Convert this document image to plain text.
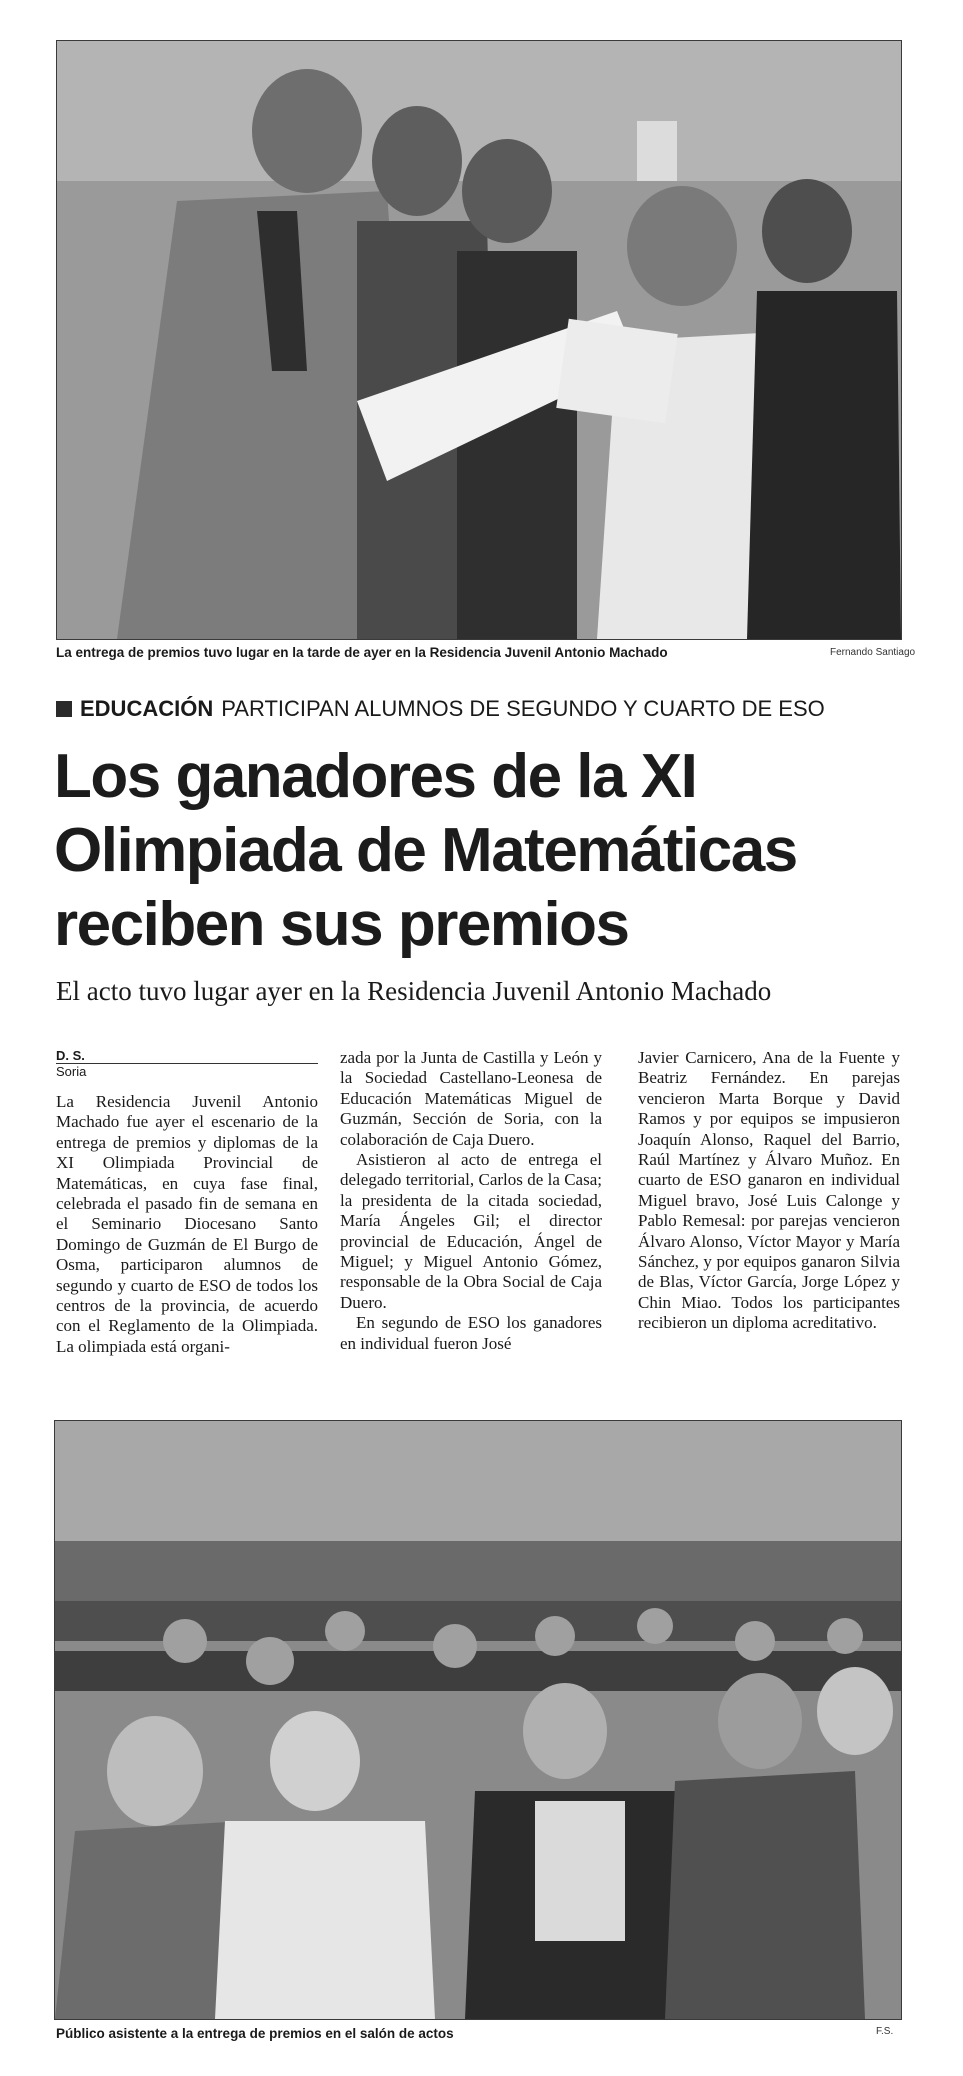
La entrega de premios tuvo lugar en la tarde de ayer en la Residencia Juvenil Antonio Machado	Fernando Santiago
EDUCACIÓN PARTICIPAN ALUMNOS DE SEGUNDO Y CUARTO DE ESO
Los ganadores de la XI
Olimpiada de Matemáticas
reciben sus premios
El acto tuvo lugar ayer en la Residencia Juvenil Antonio Machado
D. S.
Soria

La Residencia Juvenil Antonio Machado fue ayer el escenario de la entrega de premios y diplomas de la XI Olimpiada Provincial de Matemáticas, en cuya fase final, celebrada el pasado fin de semana en el Seminario Diocesano Santo Domingo de Guzmán de El Burgo de Osma, participaron alumnos de segundo y cuarto de ESO de todos los centros de la provincia, de acuerdo con el Reglamento de la Olimpiada. La olimpiada está organi-

zada por la Junta de Castilla y León y la Sociedad Castellano-Leonesa de Educación Matemáticas Miguel de Guzmán, Sección de Soria, con la colaboración de Caja Duero.

Asistieron al acto de entrega el delegado territorial, Carlos de la Casa; la presidenta de la citada sociedad, María Ángeles Gil; el director provincial de Educación, Ángel de Miguel; y Miguel Antonio Gómez, responsable de la Obra Social de Caja Duero.

En segundo de ESO los ganadores en individual fueron José

Javier Carnicero, Ana de la Fuente y Beatriz Fernández. En parejas vencieron Marta Borque y David Ramos y por equipos se impusieron Joaquín Alonso, Raquel del Barrio, Raúl Martínez y Álvaro Muñoz. En cuarto de ESO ganaron en individual Miguel bravo, José Luis Calonge y Pablo Remesal: por parejas vencieron Álvaro Alonso, Víctor Mayor y María Sánchez, y por equipos ganaron Silvia de Blas, Víctor García, Jorge López y Chin Miao. Todos los participantes recibieron un diploma acreditativo.

Público asistente a la entrega de premios en el salón de actos	F.S.
